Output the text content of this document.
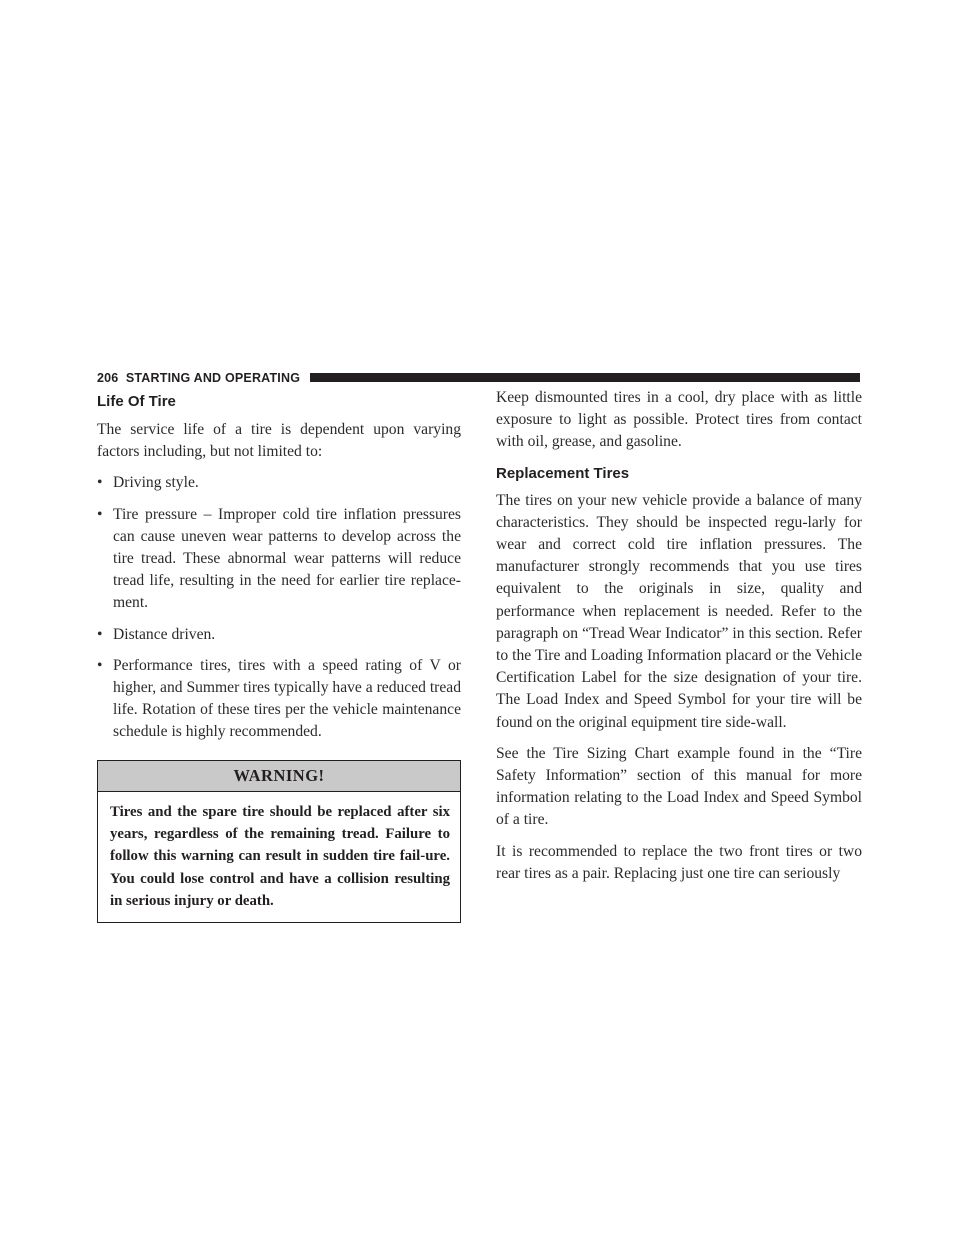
206 STARTING AND OPERATING
Life Of Tire

The service life of a tire is dependent upon varying factors including, but not limited to:

• Driving style.
• Tire pressure – Improper cold tire inflation pressures can cause uneven wear patterns to develop across the tire tread. These abnormal wear patterns will reduce tread life, resulting in the need for earlier tire replace-ment.
• Distance driven.
• Performance tires, tires with a speed rating of V or higher, and Summer tires typically have a reduced tread life. Rotation of these tires per the vehicle maintenance schedule is highly recommended.
WARNING!
Tires and the spare tire should be replaced after six years, regardless of the remaining tread. Failure to follow this warning can result in sudden tire fail-ure. You could lose control and have a collision resulting in serious injury or death.

Keep dismounted tires in a cool, dry place with as little exposure to light as possible. Protect tires from contact with oil, grease, and gasoline.

Replacement Tires

The tires on your new vehicle provide a balance of many characteristics. They should be inspected regu-larly for wear and correct cold tire inflation pressures. The manufacturer strongly recommends that you use tires equivalent to the originals in size, quality and performance when replacement is needed. Refer to the paragraph on “Tread Wear Indicator” in this section. Refer to the Tire and Loading Information placard or the Vehicle Certification Label for the size designation of your tire. The Load Index and Speed Symbol for your tire will be found on the original equipment tire side-wall.

See the Tire Sizing Chart example found in the “Tire Safety Information” section of this manual for more information relating to the Load Index and Speed Symbol of a tire.

It is recommended to replace the two front tires or two rear tires as a pair. Replacing just one tire can seriously
